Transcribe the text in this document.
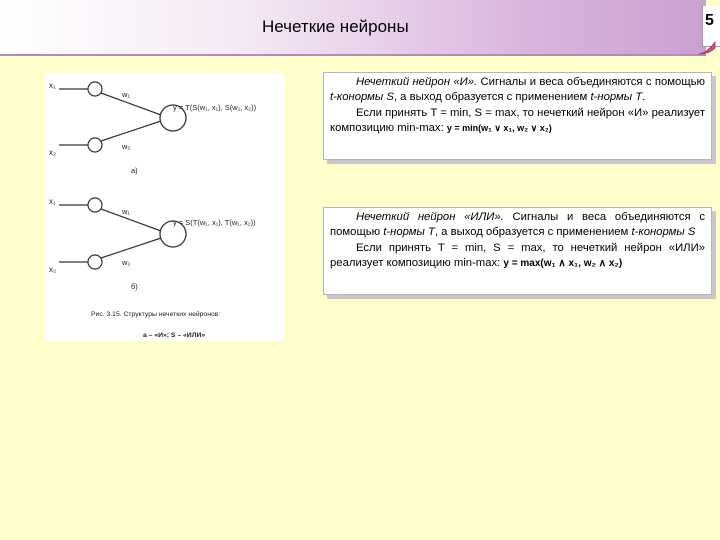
Нечеткие нейроны	5
x₁
x₂
w₁
w₂
y = T(S(w₁, x₁), S(w₁, x₂))
a)
x₁
x₂
w₁
w₂
y = S(T(w₁, x₁), T(w₁, x₂))
б)
Рис. 3.15. Структуры нечетких нейронов:
a – «И»; S – «ИЛИ»

Нечеткий нейрон «И». Сигналы и веса объединяются с помощью t-конормы S, а выход образуется с применением t-нормы T.

Если принять T = min, S = max, то нечеткий нейрон «И» реализует композицию min-max: y = min(w₁ ∨ x₁, w₂ ∨ x₂)

Нечеткий нейрон «ИЛИ». Сигналы и веса объединяются с помощью t-нормы T, а выход образуется с применением t-конормы S

Если принять T = min, S = max, то нечеткий нейрон «ИЛИ» реализует композицию min-max: y = max(w₁ ∧ x₁, w₂ ∧ x₂)
